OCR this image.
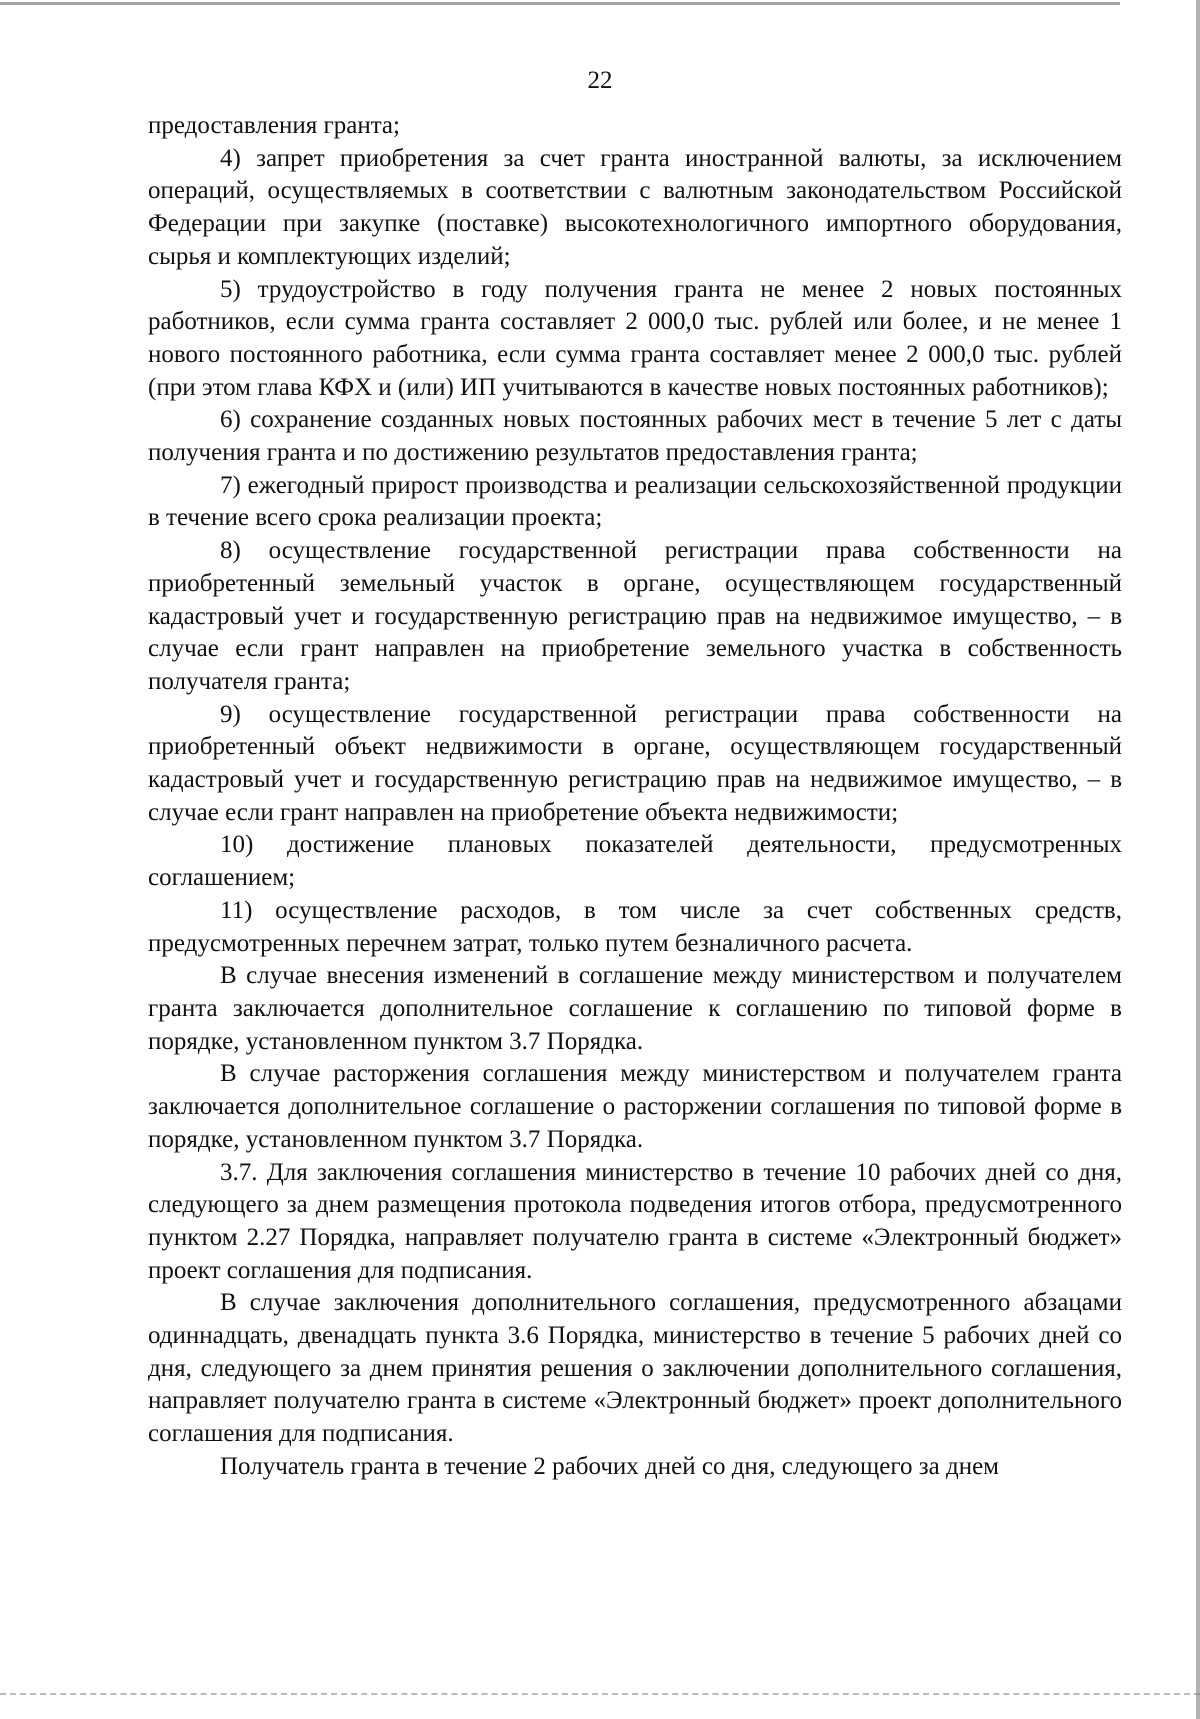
22

предоставления гранта;

4) запрет приобретения за счет гранта иностранной валюты, за исключением операций, осуществляемых в соответствии с валютным законодательством Российской Федерации при закупке (поставке) высокотехнологичного импортного оборудования, сырья и комплектующих изделий;

5) трудоустройство в году получения гранта не менее 2 новых постоянных работников, если сумма гранта составляет 2 000,0 тыс. рублей или более, и не менее 1 нового постоянного работника, если сумма гранта составляет менее 2 000,0 тыс. рублей (при этом глава КФХ и (или) ИП учитываются в качестве новых постоянных работников);

6) сохранение созданных новых постоянных рабочих мест в течение 5 лет с даты получения гранта и по достижению результатов предоставления гранта;

7) ежегодный прирост производства и реализации сельскохозяйственной продукции в течение всего срока реализации проекта;

8) осуществление государственной регистрации права собственности на приобретенный земельный участок в органе, осуществляющем государственный кадастровый учет и государственную регистрацию прав на недвижимое имущество, – в случае если грант направлен на приобретение земельного участка в собственность получателя гранта;

9) осуществление государственной регистрации права собственности на приобретенный объект недвижимости в органе, осуществляющем государственный кадастровый учет и государственную регистрацию прав на недвижимое имущество, – в случае если грант направлен на приобретение объекта недвижимости;

10) достижение плановых показателей деятельности, предусмотренных соглашением;

11) осуществление расходов, в том числе за счет собственных средств, предусмотренных перечнем затрат, только путем безналичного расчета.

В случае внесения изменений в соглашение между министерством и получателем гранта заключается дополнительное соглашение к соглашению по типовой форме в порядке, установленном пунктом 3.7 Порядка.

В случае расторжения соглашения между министерством и получателем гранта заключается дополнительное соглашение о расторжении соглашения по типовой форме в порядке, установленном пунктом 3.7 Порядка.

3.7. Для заключения соглашения министерство в течение 10 рабочих дней со дня, следующего за днем размещения протокола подведения итогов отбора, предусмотренного пунктом 2.27 Порядка, направляет получателю гранта в системе «Электронный бюджет» проект соглашения для подписания.

В случае заключения дополнительного соглашения, предусмотренного абзацами одиннадцать, двенадцать пункта 3.6 Порядка, министерство в течение 5 рабочих дней со дня, следующего за днем принятия решения о заключении дополнительного соглашения, направляет получателю гранта в системе «Электронный бюджет» проект дополнительного соглашения для подписания.

Получатель гранта в течение 2 рабочих дней со дня, следующего за днем
